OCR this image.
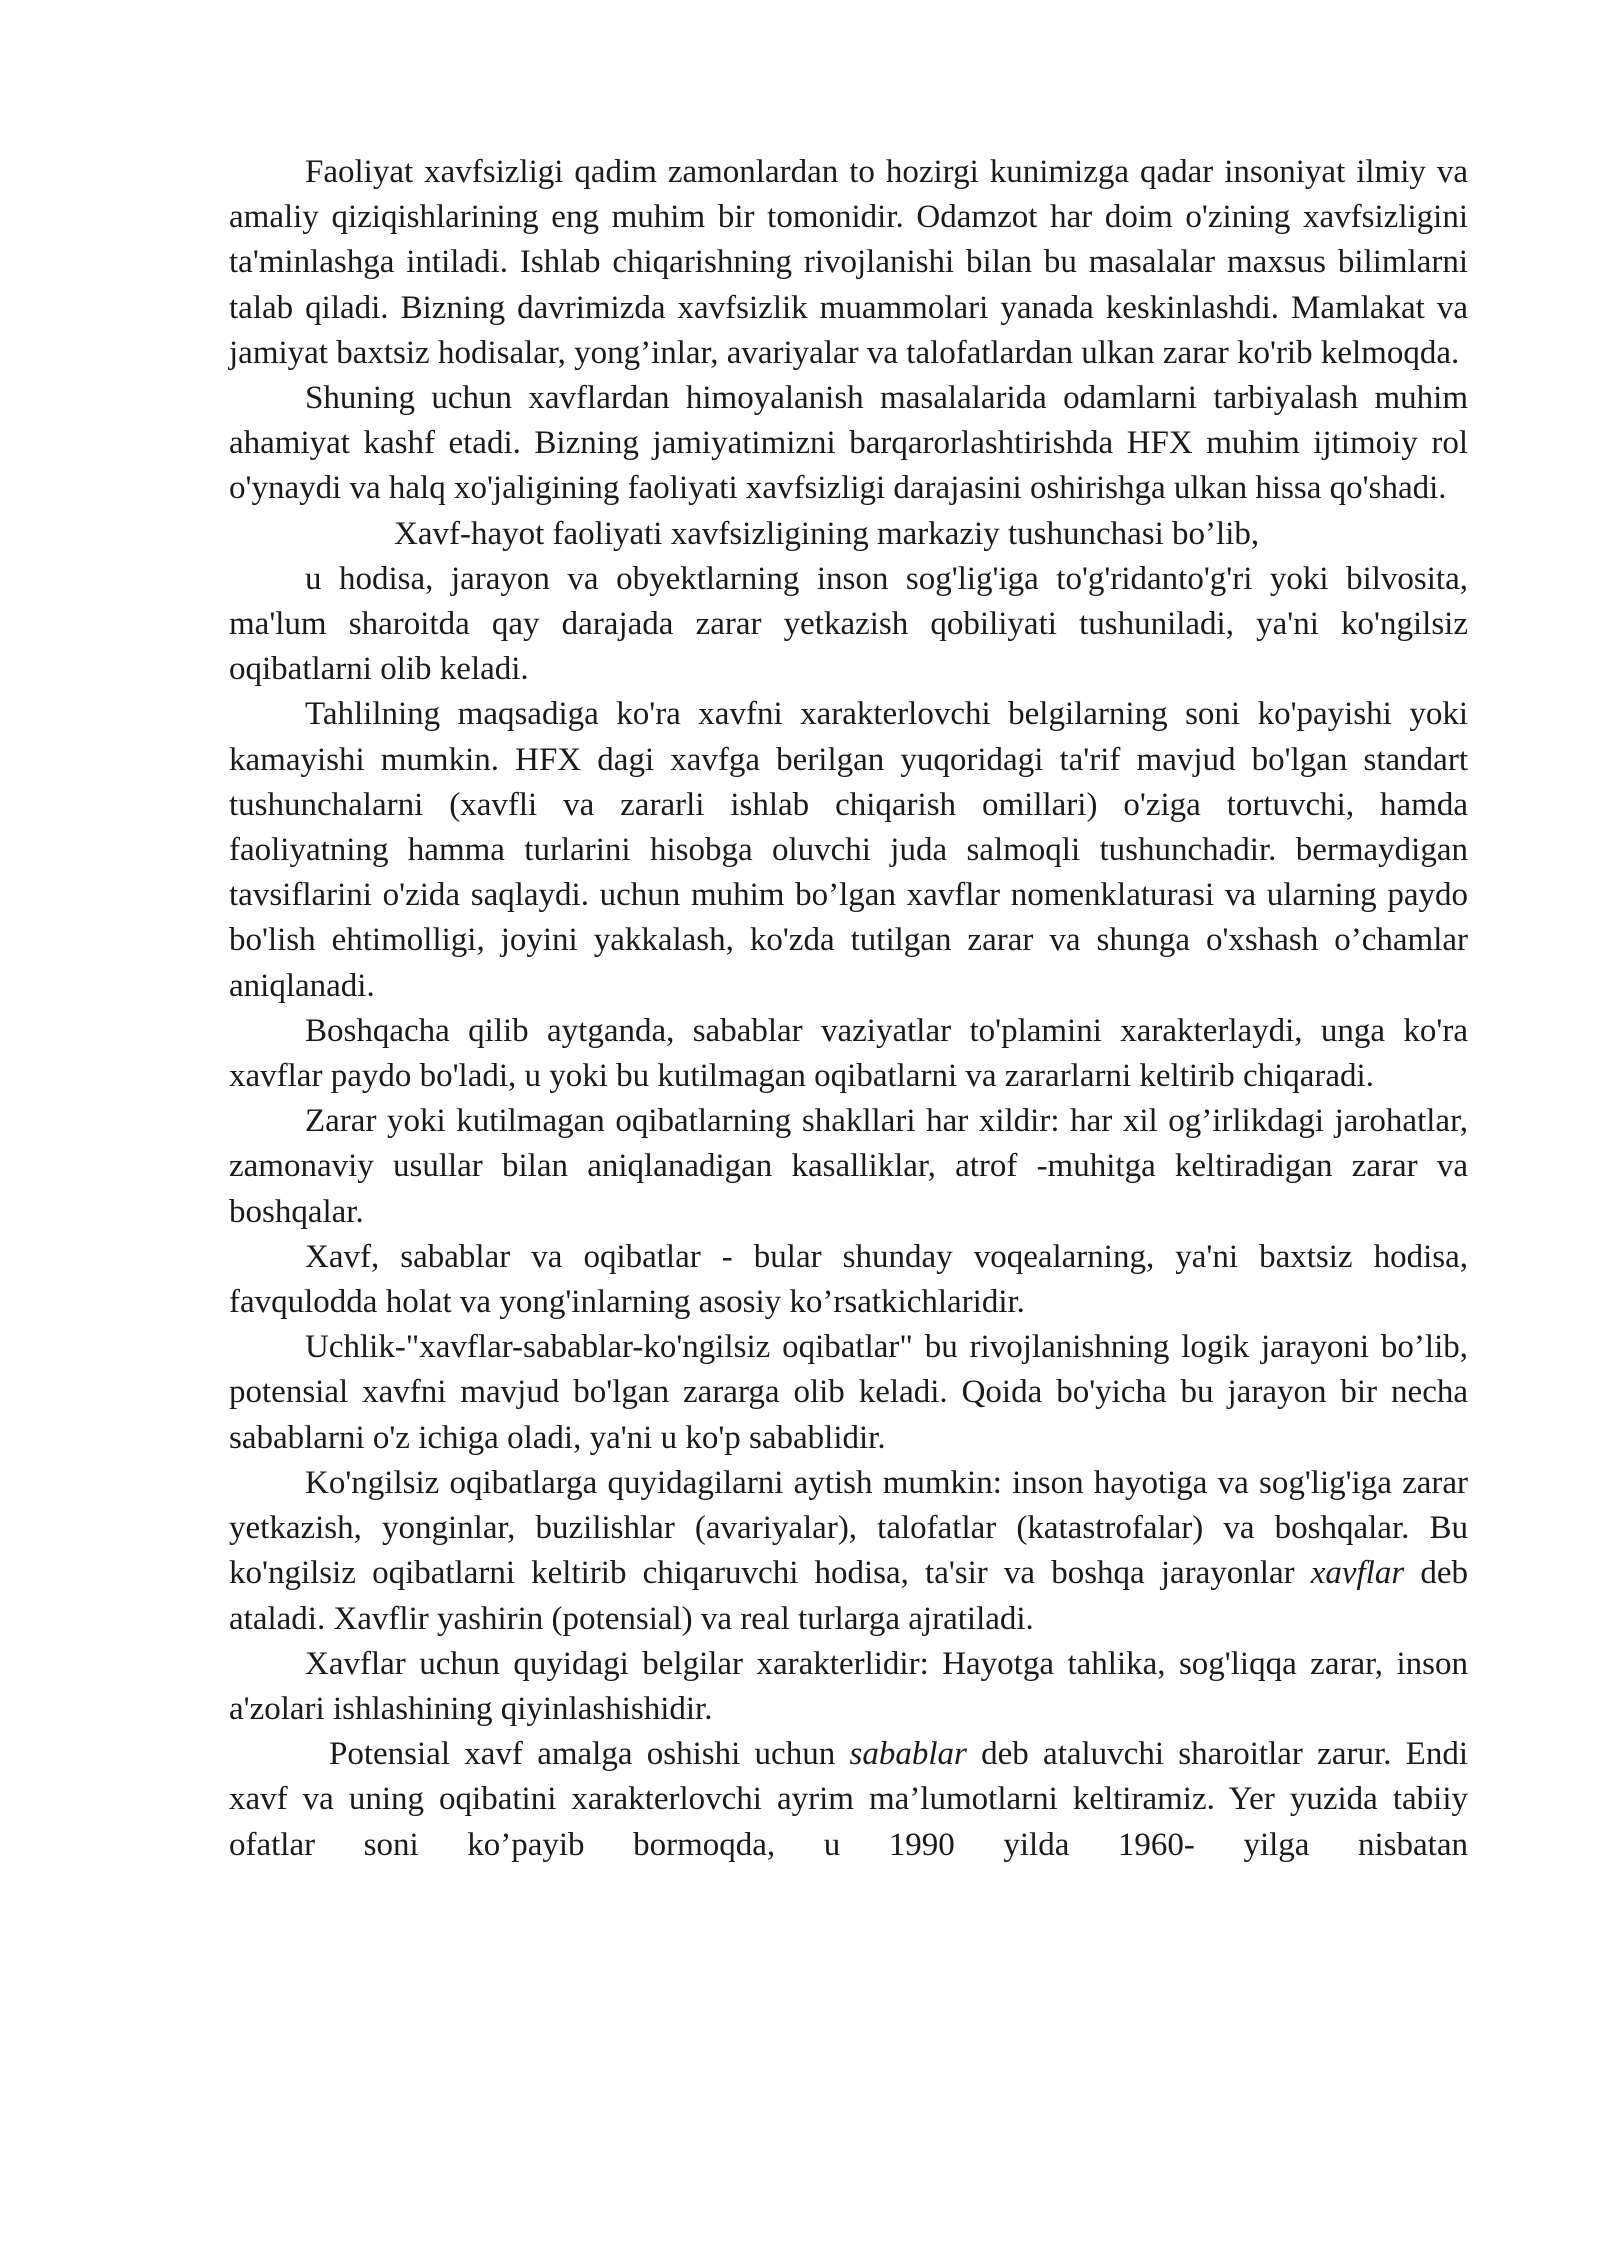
Faoliyat xavfsizligi qadim zamonlardan to hozirgi kunimizga qadar insoniyat ilmiy va amaliy qiziqishlarining eng muhim bir tomonidir. Odamzot har doim o'zining xavfsizligini ta'minlashga intiladi. Ishlab chiqarishning rivojlanishi bilan bu masalalar maxsus bilimlarni talab qiladi. Bizning davrimizda xavfsizlik muammolari yanada keskinlashdi. Mamlakat va jamiyat baxtsiz hodisalar, yong’inlar, avariyalar va talofatlardan ulkan zarar ko'rib kelmoqda.

Shuning uchun xavflardan himoyalanish masalalarida odamlarni tarbiyalash muhim ahamiyat kashf etadi. Bizning jamiyatimizni barqarorlashtirishda HFX muhim ijtimoiy rol o'ynaydi va halq xo'jaligining faoliyati xavfsizligi darajasini oshirishga ulkan hissa qo'shadi.

Xavf-hayot faoliyati xavfsizligining markaziy tushunchasi bo’lib,

u hodisa, jarayon va obyektlarning inson sog'lig'iga to'g'ridanto'g'ri yoki bilvosita, ma'lum sharoitda qay darajada zarar yetkazish qobiliyati tushuniladi, ya'ni ko'ngilsiz oqibatlarni olib keladi.

Tahlilning maqsadiga ko'ra xavfni xarakterlovchi belgilarning soni ko'payishi yoki kamayishi mumkin. HFX dagi xavfga berilgan yuqoridagi ta'rif mavjud bo'lgan standart tushunchalarni (xavfli va zararli ishlab chiqarish omillari) o'ziga tortuvchi, hamda faoliyatning hamma turlarini hisobga oluvchi juda salmoqli tushunchadir. bermaydigan tavsiflarini o'zida saqlaydi. uchun muhim bo’lgan xavflar nomenklaturasi va ularning paydo bo'lish ehtimolligi, joyini yakkalash, ko'zda tutilgan zarar va shunga o'xshash o’chamlar aniqlanadi.

Boshqacha qilib aytganda, sabablar vaziyatlar to'plamini xarakterlaydi, unga ko'ra xavflar paydo bo'ladi, u yoki bu kutilmagan oqibatlarni va zararlarni keltirib chiqaradi.

Zarar yoki kutilmagan oqibatlarning shakllari har xildir: har xil og’irlikdagi jarohatlar, zamonaviy usullar bilan aniqlanadigan kasalliklar, atrof -muhitga keltiradigan zarar va boshqalar.

Xavf, sabablar va oqibatlar - bular shunday voqealarning, ya'ni baxtsiz hodisa, favqulodda holat va yong'inlarning asosiy ko’rsatkichlaridir.

Uchlik-"xavflar-sabablar-ko'ngilsiz oqibatlar" bu rivojlanishning logik jarayoni bo’lib, potensial xavfni mavjud bo'lgan zararga olib keladi. Qoida bo'yicha bu jarayon bir necha sabablarni o'z ichiga oladi, ya'ni u ko'p sabablidir.

Ko'ngilsiz oqibatlarga quyidagilarni aytish mumkin: inson hayotiga va sog'lig'iga zarar yetkazish, yonginlar, buzilishlar (avariyalar), talofatlar (katastrofalar) va boshqalar. Bu ko'ngilsiz oqibatlarni keltirib chiqaruvchi hodisa, ta'sir va boshqa jarayonlar xavflar deb ataladi. Xavflir yashirin (potensial) va real turlarga ajratiladi.

Xavflar uchun quyidagi belgilar xarakterlidir: Hayotga tahlika, sog'liqqa zarar, inson a'zolari ishlashining qiyinlashishidir.

Potensial xavf amalga oshishi uchun sabablar deb ataluvchi sharoitlar zarur. Endi xavf va uning oqibatini xarakterlovchi ayrim ma’lumotlarni keltiramiz. Yer yuzida tabiiy ofatlar soni ko’payib bormoqda, u 1990 yilda 1960- yilga nisbatan
